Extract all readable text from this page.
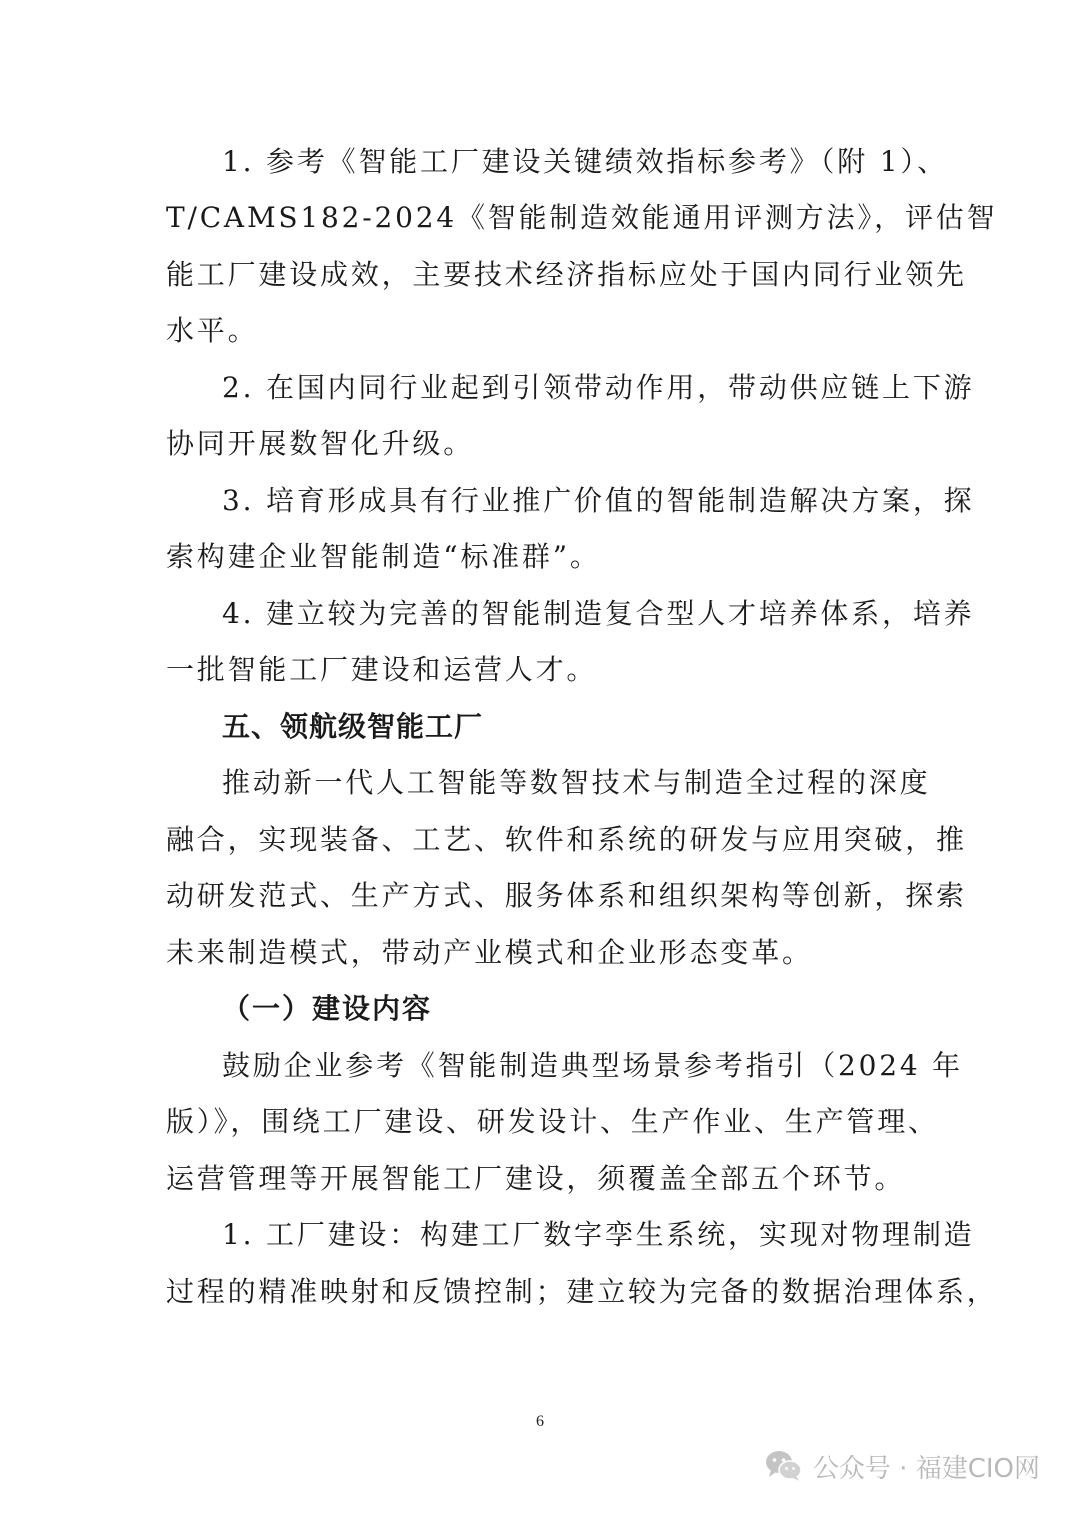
1. 参考《智能工厂建设关键绩效指标参考》（附 1）、
T/CAMS182-2024《智能制造效能通用评测方法》，评估智
能工厂建设成效，主要技术经济指标应处于国内同行业领先
水平。
2. 在国内同行业起到引领带动作用，带动供应链上下游
协同开展数智化升级。
3. 培育形成具有行业推广价值的智能制造解决方案，探
索构建企业智能制造“标准群”。
4. 建立较为完善的智能制造复合型人才培养体系，培养
一批智能工厂建设和运营人才。
五、领航级智能工厂
推动新一代人工智能等数智技术与制造全过程的深度
融合，实现装备、工艺、软件和系统的研发与应用突破，推
动研发范式、生产方式、服务体系和组织架构等创新，探索
未来制造模式，带动产业模式和企业形态变革。
（一）建设内容
鼓励企业参考《智能制造典型场景参考指引（2024 年
版）》，围绕工厂建设、研发设计、生产作业、生产管理、
运营管理等开展智能工厂建设，须覆盖全部五个环节。
1. 工厂建设：构建工厂数字孪生系统，实现对物理制造
过程的精准映射和反馈控制；建立较为完备的数据治理体系，
6
公众号 · 福建CIO网
